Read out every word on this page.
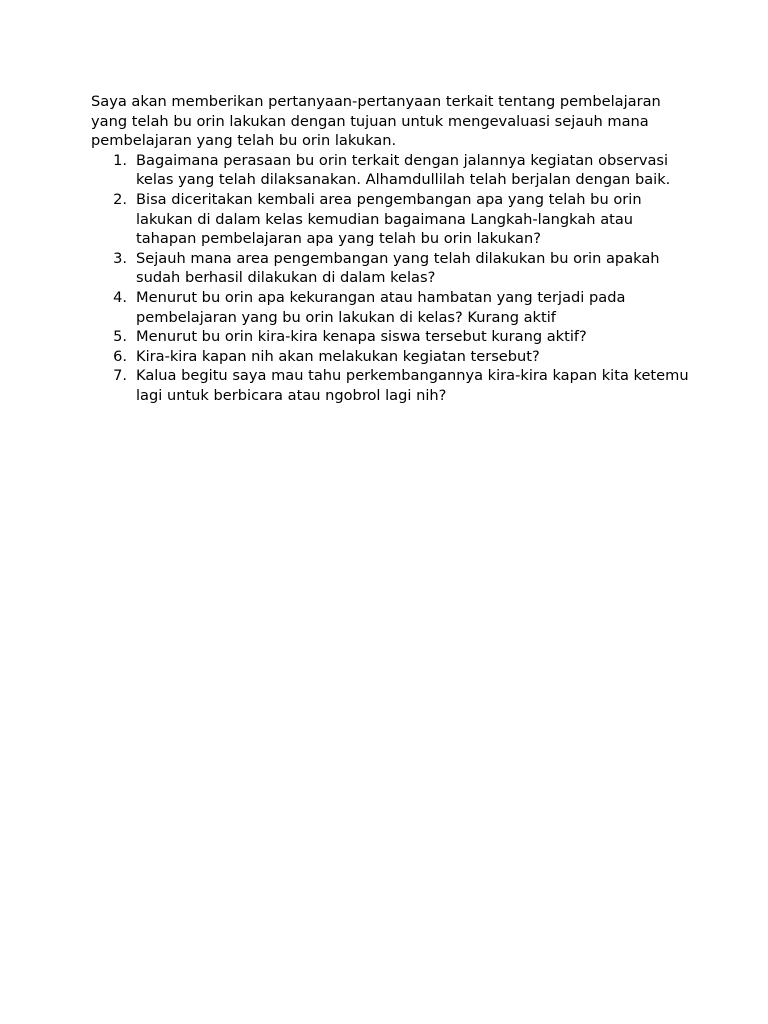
Saya akan memberikan pertanyaan-pertanyaan terkait tentang pembelajaran yang telah bu orin lakukan dengan tujuan untuk mengevaluasi sejauh mana pembelajaran yang telah bu orin lakukan.

1. Bagaimana perasaan bu orin terkait dengan jalannya kegiatan observasi kelas yang telah dilaksanakan. Alhamdullilah telah berjalan dengan baik.
2. Bisa diceritakan kembali area pengembangan apa yang telah bu orin lakukan di dalam kelas kemudian bagaimana Langkah-langkah atau tahapan pembelajaran apa yang telah bu orin lakukan?
3. Sejauh mana area pengembangan yang telah dilakukan bu orin apakah sudah berhasil dilakukan di dalam kelas?
4. Menurut bu orin apa kekurangan atau hambatan yang terjadi pada pembelajaran yang bu orin lakukan di kelas? Kurang aktif
5. Menurut bu orin kira-kira kenapa siswa tersebut kurang aktif?
6. Kira-kira kapan nih akan melakukan kegiatan tersebut?
7. Kalua begitu saya mau tahu perkembangannya kira-kira kapan kita ketemu lagi untuk berbicara atau ngobrol lagi nih?
